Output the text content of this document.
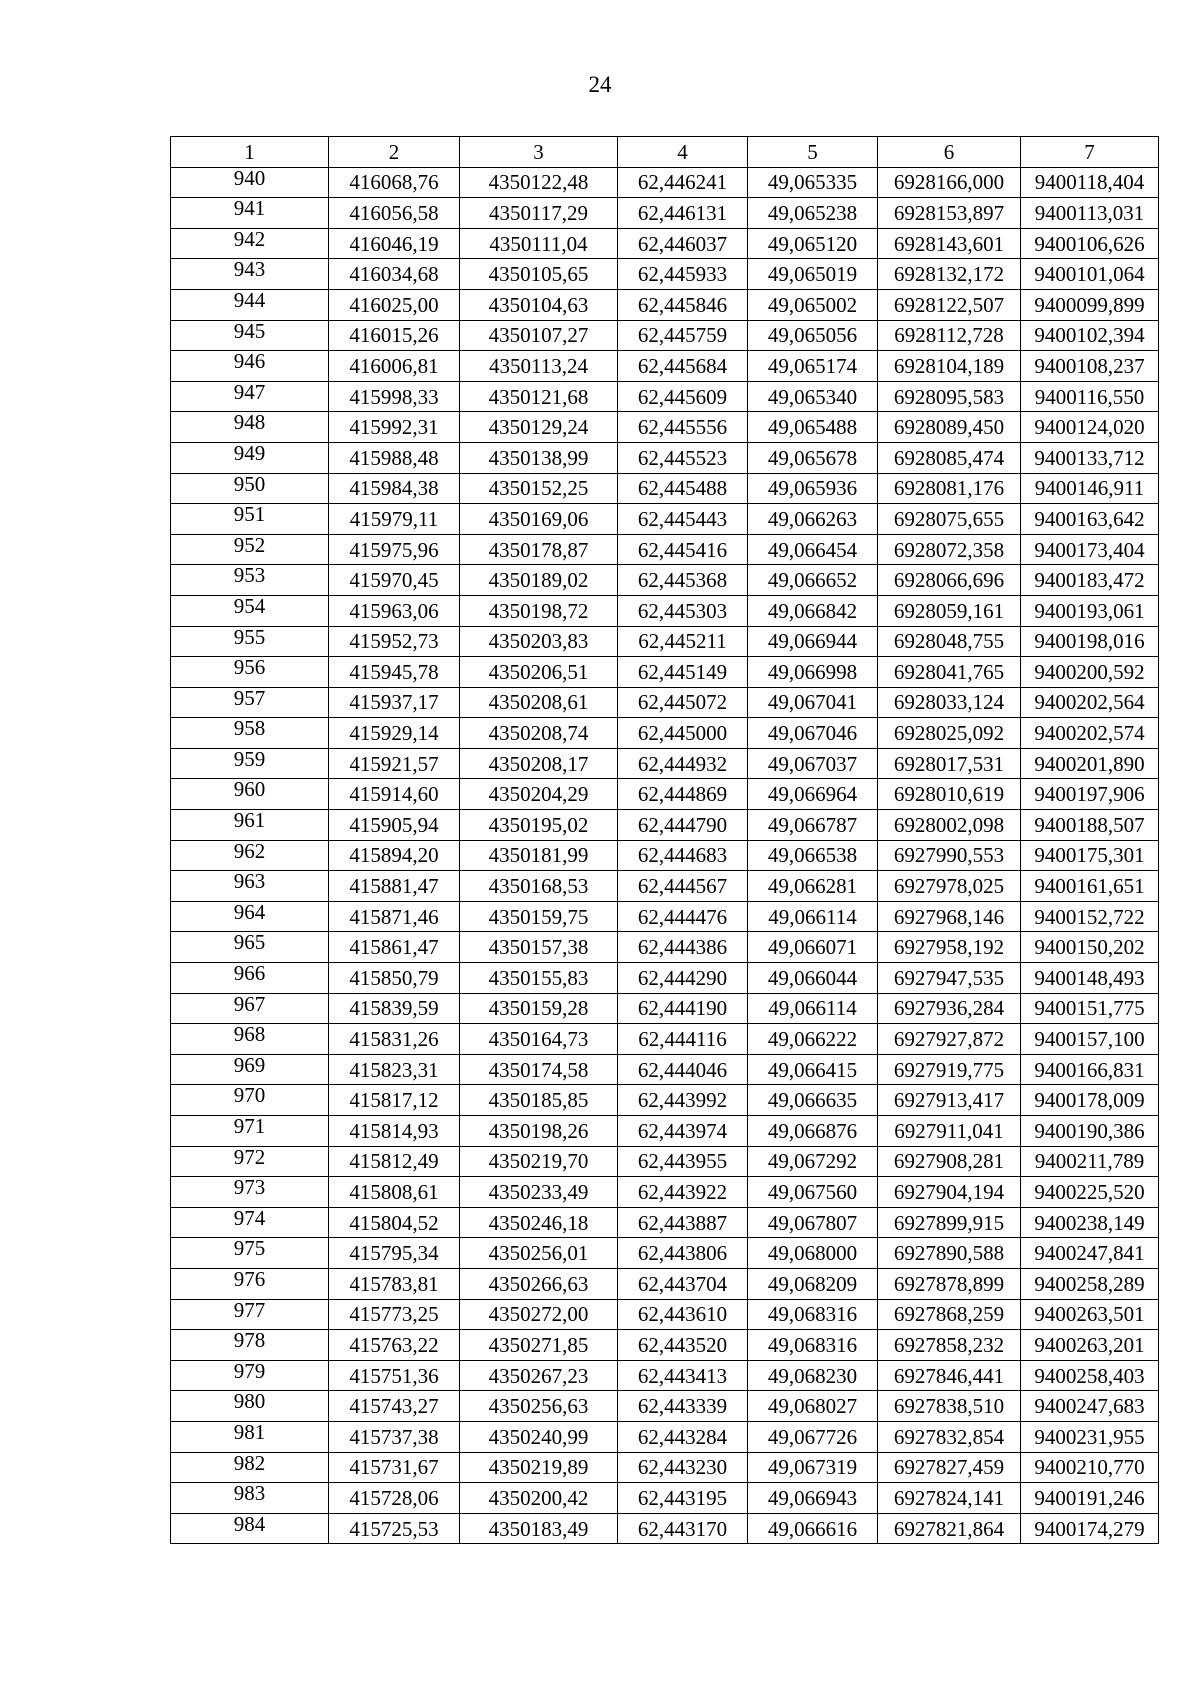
24
1	2	3	4	5	6	7
940	416068,76	4350122,48	62,446241	49,065335	6928166,000	9400118,404
941	416056,58	4350117,29	62,446131	49,065238	6928153,897	9400113,031
942	416046,19	4350111,04	62,446037	49,065120	6928143,601	9400106,626
943	416034,68	4350105,65	62,445933	49,065019	6928132,172	9400101,064
944	416025,00	4350104,63	62,445846	49,065002	6928122,507	9400099,899
945	416015,26	4350107,27	62,445759	49,065056	6928112,728	9400102,394
946	416006,81	4350113,24	62,445684	49,065174	6928104,189	9400108,237
947	415998,33	4350121,68	62,445609	49,065340	6928095,583	9400116,550
948	415992,31	4350129,24	62,445556	49,065488	6928089,450	9400124,020
949	415988,48	4350138,99	62,445523	49,065678	6928085,474	9400133,712
950	415984,38	4350152,25	62,445488	49,065936	6928081,176	9400146,911
951	415979,11	4350169,06	62,445443	49,066263	6928075,655	9400163,642
952	415975,96	4350178,87	62,445416	49,066454	6928072,358	9400173,404
953	415970,45	4350189,02	62,445368	49,066652	6928066,696	9400183,472
954	415963,06	4350198,72	62,445303	49,066842	6928059,161	9400193,061
955	415952,73	4350203,83	62,445211	49,066944	6928048,755	9400198,016
956	415945,78	4350206,51	62,445149	49,066998	6928041,765	9400200,592
957	415937,17	4350208,61	62,445072	49,067041	6928033,124	9400202,564
958	415929,14	4350208,74	62,445000	49,067046	6928025,092	9400202,574
959	415921,57	4350208,17	62,444932	49,067037	6928017,531	9400201,890
960	415914,60	4350204,29	62,444869	49,066964	6928010,619	9400197,906
961	415905,94	4350195,02	62,444790	49,066787	6928002,098	9400188,507
962	415894,20	4350181,99	62,444683	49,066538	6927990,553	9400175,301
963	415881,47	4350168,53	62,444567	49,066281	6927978,025	9400161,651
964	415871,46	4350159,75	62,444476	49,066114	6927968,146	9400152,722
965	415861,47	4350157,38	62,444386	49,066071	6927958,192	9400150,202
966	415850,79	4350155,83	62,444290	49,066044	6927947,535	9400148,493
967	415839,59	4350159,28	62,444190	49,066114	6927936,284	9400151,775
968	415831,26	4350164,73	62,444116	49,066222	6927927,872	9400157,100
969	415823,31	4350174,58	62,444046	49,066415	6927919,775	9400166,831
970	415817,12	4350185,85	62,443992	49,066635	6927913,417	9400178,009
971	415814,93	4350198,26	62,443974	49,066876	6927911,041	9400190,386
972	415812,49	4350219,70	62,443955	49,067292	6927908,281	9400211,789
973	415808,61	4350233,49	62,443922	49,067560	6927904,194	9400225,520
974	415804,52	4350246,18	62,443887	49,067807	6927899,915	9400238,149
975	415795,34	4350256,01	62,443806	49,068000	6927890,588	9400247,841
976	415783,81	4350266,63	62,443704	49,068209	6927878,899	9400258,289
977	415773,25	4350272,00	62,443610	49,068316	6927868,259	9400263,501
978	415763,22	4350271,85	62,443520	49,068316	6927858,232	9400263,201
979	415751,36	4350267,23	62,443413	49,068230	6927846,441	9400258,403
980	415743,27	4350256,63	62,443339	49,068027	6927838,510	9400247,683
981	415737,38	4350240,99	62,443284	49,067726	6927832,854	9400231,955
982	415731,67	4350219,89	62,443230	49,067319	6927827,459	9400210,770
983	415728,06	4350200,42	62,443195	49,066943	6927824,141	9400191,246
984	415725,53	4350183,49	62,443170	49,066616	6927821,864	9400174,279
